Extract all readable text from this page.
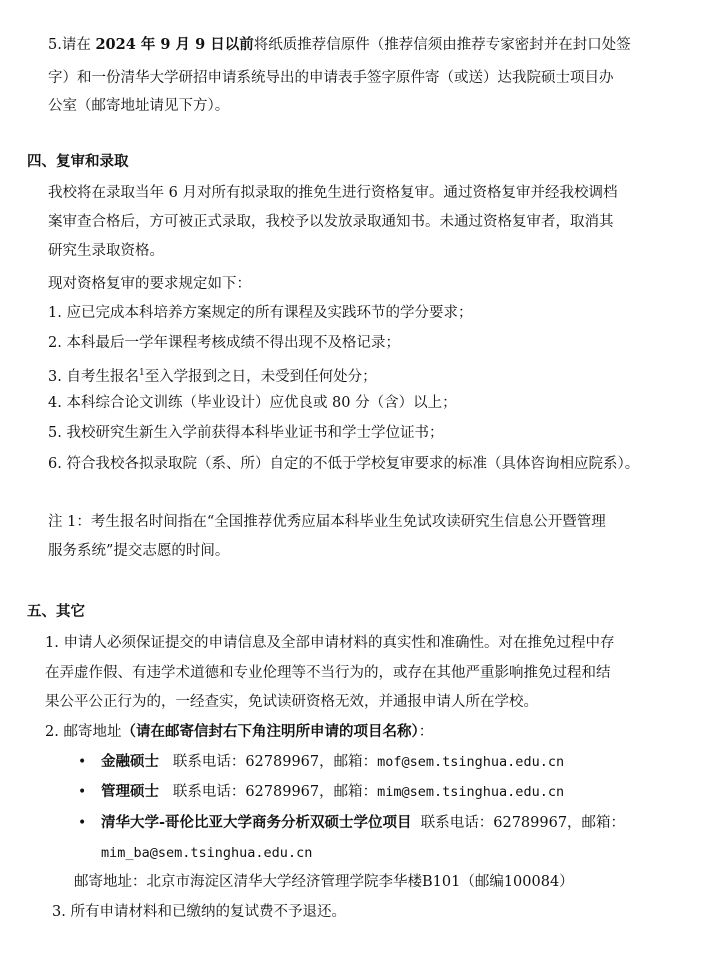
5.请在 2024 年 9 月 9 日以前将纸质推荐信原件（推荐信须由推荐专家密封并在封口处签
字）和一份清华大学研招申请系统导出的申请表手签字原件寄（或送）达我院硕士项目办
公室（邮寄地址请见下方）。
四、复审和录取
我校将在录取当年 6 月对所有拟录取的推免生进行资格复审。通过资格复审并经我校调档
案审查合格后，方可被正式录取，我校予以发放录取通知书。未通过资格复审者，取消其
研究生录取资格。
现对资格复审的要求规定如下：
1. 应已完成本科培养方案规定的所有课程及实践环节的学分要求；
2. 本科最后一学年课程考核成绩不得出现不及格记录；
3. 自考生报名$^1$至入学报到之日，未受到任何处分；
4. 本科综合论文训练（毕业设计）应优良或 80 分（含）以上；
5. 我校研究生新生入学前获得本科毕业证书和学士学位证书；
6. 符合我校各拟录取院（系、所）自定的不低于学校复审要求的标准（具体咨询相应院系）。
注 1：考生报名时间指在“全国推荐优秀应届本科毕业生免试攻读研究生信息公开暨管理
服务系统”提交志愿的时间。
五、其它
1. 申请人必须保证提交的申请信息及全部申请材料的真实性和准确性。对在推免过程中存
在弄虚作假、有违学术道德和专业伦理等不当行为的，或存在其他严重影响推免过程和结
果公平公正行为的，一经查实，免试读研资格无效，并通报申请人所在学校。
2. 邮寄地址（请在邮寄信封右下角注明所申请的项目名称）：
• 金融硕士 联系电话：62789967，邮箱：mof@sem.tsinghua.edu.cn
• 管理硕士 联系电话：62789967，邮箱：mim@sem.tsinghua.edu.cn
• 清华大学-哥伦比亚大学商务分析双硕士学位项目 联系电话：62789967，邮箱：
mim_ba@sem.tsinghua.edu.cn
邮寄地址：北京市海淀区清华大学经济管理学院李华楼B101（邮编100084）
3. 所有申请材料和已缴纳的复试费不予退还。
